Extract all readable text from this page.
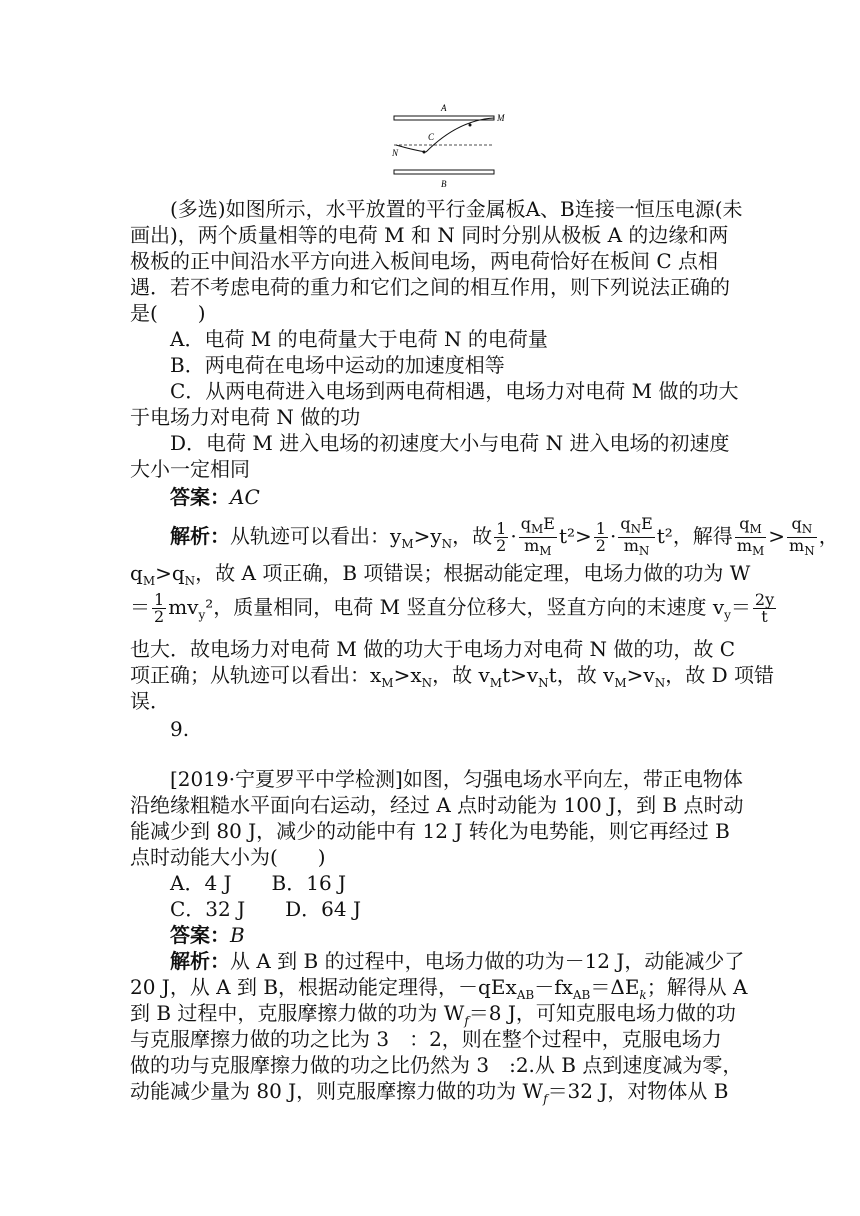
A
B
C
M
N
(多选)如图所示，水平放置的平行金属板A、B连接一恒压电源(未
画出)，两个质量相等的电荷 M 和 N 同时分别从极板 A 的边缘和两
极板的正中间沿水平方向进入板间电场，两电荷恰好在板间 C 点相
遇．若不考虑电荷的重力和它们之间的相互作用，则下列说法正确的
是(　　)
A．电荷 M 的电荷量大于电荷 N 的电荷量
B．两电荷在电场中运动的加速度相等
C．从两电荷进入电场到两电荷相遇，电场力对电荷 M 做的功大
于电场力对电荷 N 做的功
D．电荷 M 进入电场的初速度大小与电荷 N 进入电场的初速度
大小一定相同
答案：AC
解析：从轨迹可以看出：$y_M>y_N$，故 $\frac{1}{2} \cdot \frac{q_ME}{m_M} t^2> \frac{1}{2} \cdot \frac{q_NE}{m_N} t^2$，解得 $\frac{q_M}{m_M} > \frac{q_N}{m_N}$ ，
$q_M>q_N$，故 A 项正确，B 项错误；根据动能定理，电场力做的功为 W
＝ $\frac{1}{2} mv_y^2$，质量相同，电荷 M 竖直分位移大，竖直方向的末速度 $v_y= \frac{2y}{t}$
也大．故电场力对电荷 M 做的功大于电场力对电荷 N 做的功，故 C
项正确；从轨迹可以看出：$x_M>x_N$，故 $v_Mt>v_Nt$，故 $v_M>v_N$，故 D 项错
误．
9.
[2019·宁夏罗平中学检测]如图，匀强电场水平向左，带正电物体
沿绝缘粗糙水平面向右运动，经过 A 点时动能为 100 J，到 B 点时动
能减少到 80 J，减少的动能中有 12 J 转化为电势能，则它再经过 B
点时动能大小为(　　)
A．4 J　　B．16 J
C．32 J　　D．64 J
答案：B
解析：从 A 到 B 的过程中，电场力做的功为－12 J，动能减少了
20 J，从 A 到 B，根据动能定理得，$-qEx_{AB}-fx_{AB}=\Delta E_k$；解得从 A
到 B 过程中，克服摩擦力做的功为 $W_f=8$ J，可知克服电场力做的功
与克服摩擦力做的功之比为 3　：2，则在整个过程中，克服电场力
做的功与克服摩擦力做的功之比仍然为 3　:2.从 B 点到速度减为零，
动能减少量为 80 J，则克服摩擦力做的功为 $W_f=32$ J，对物体从 B
